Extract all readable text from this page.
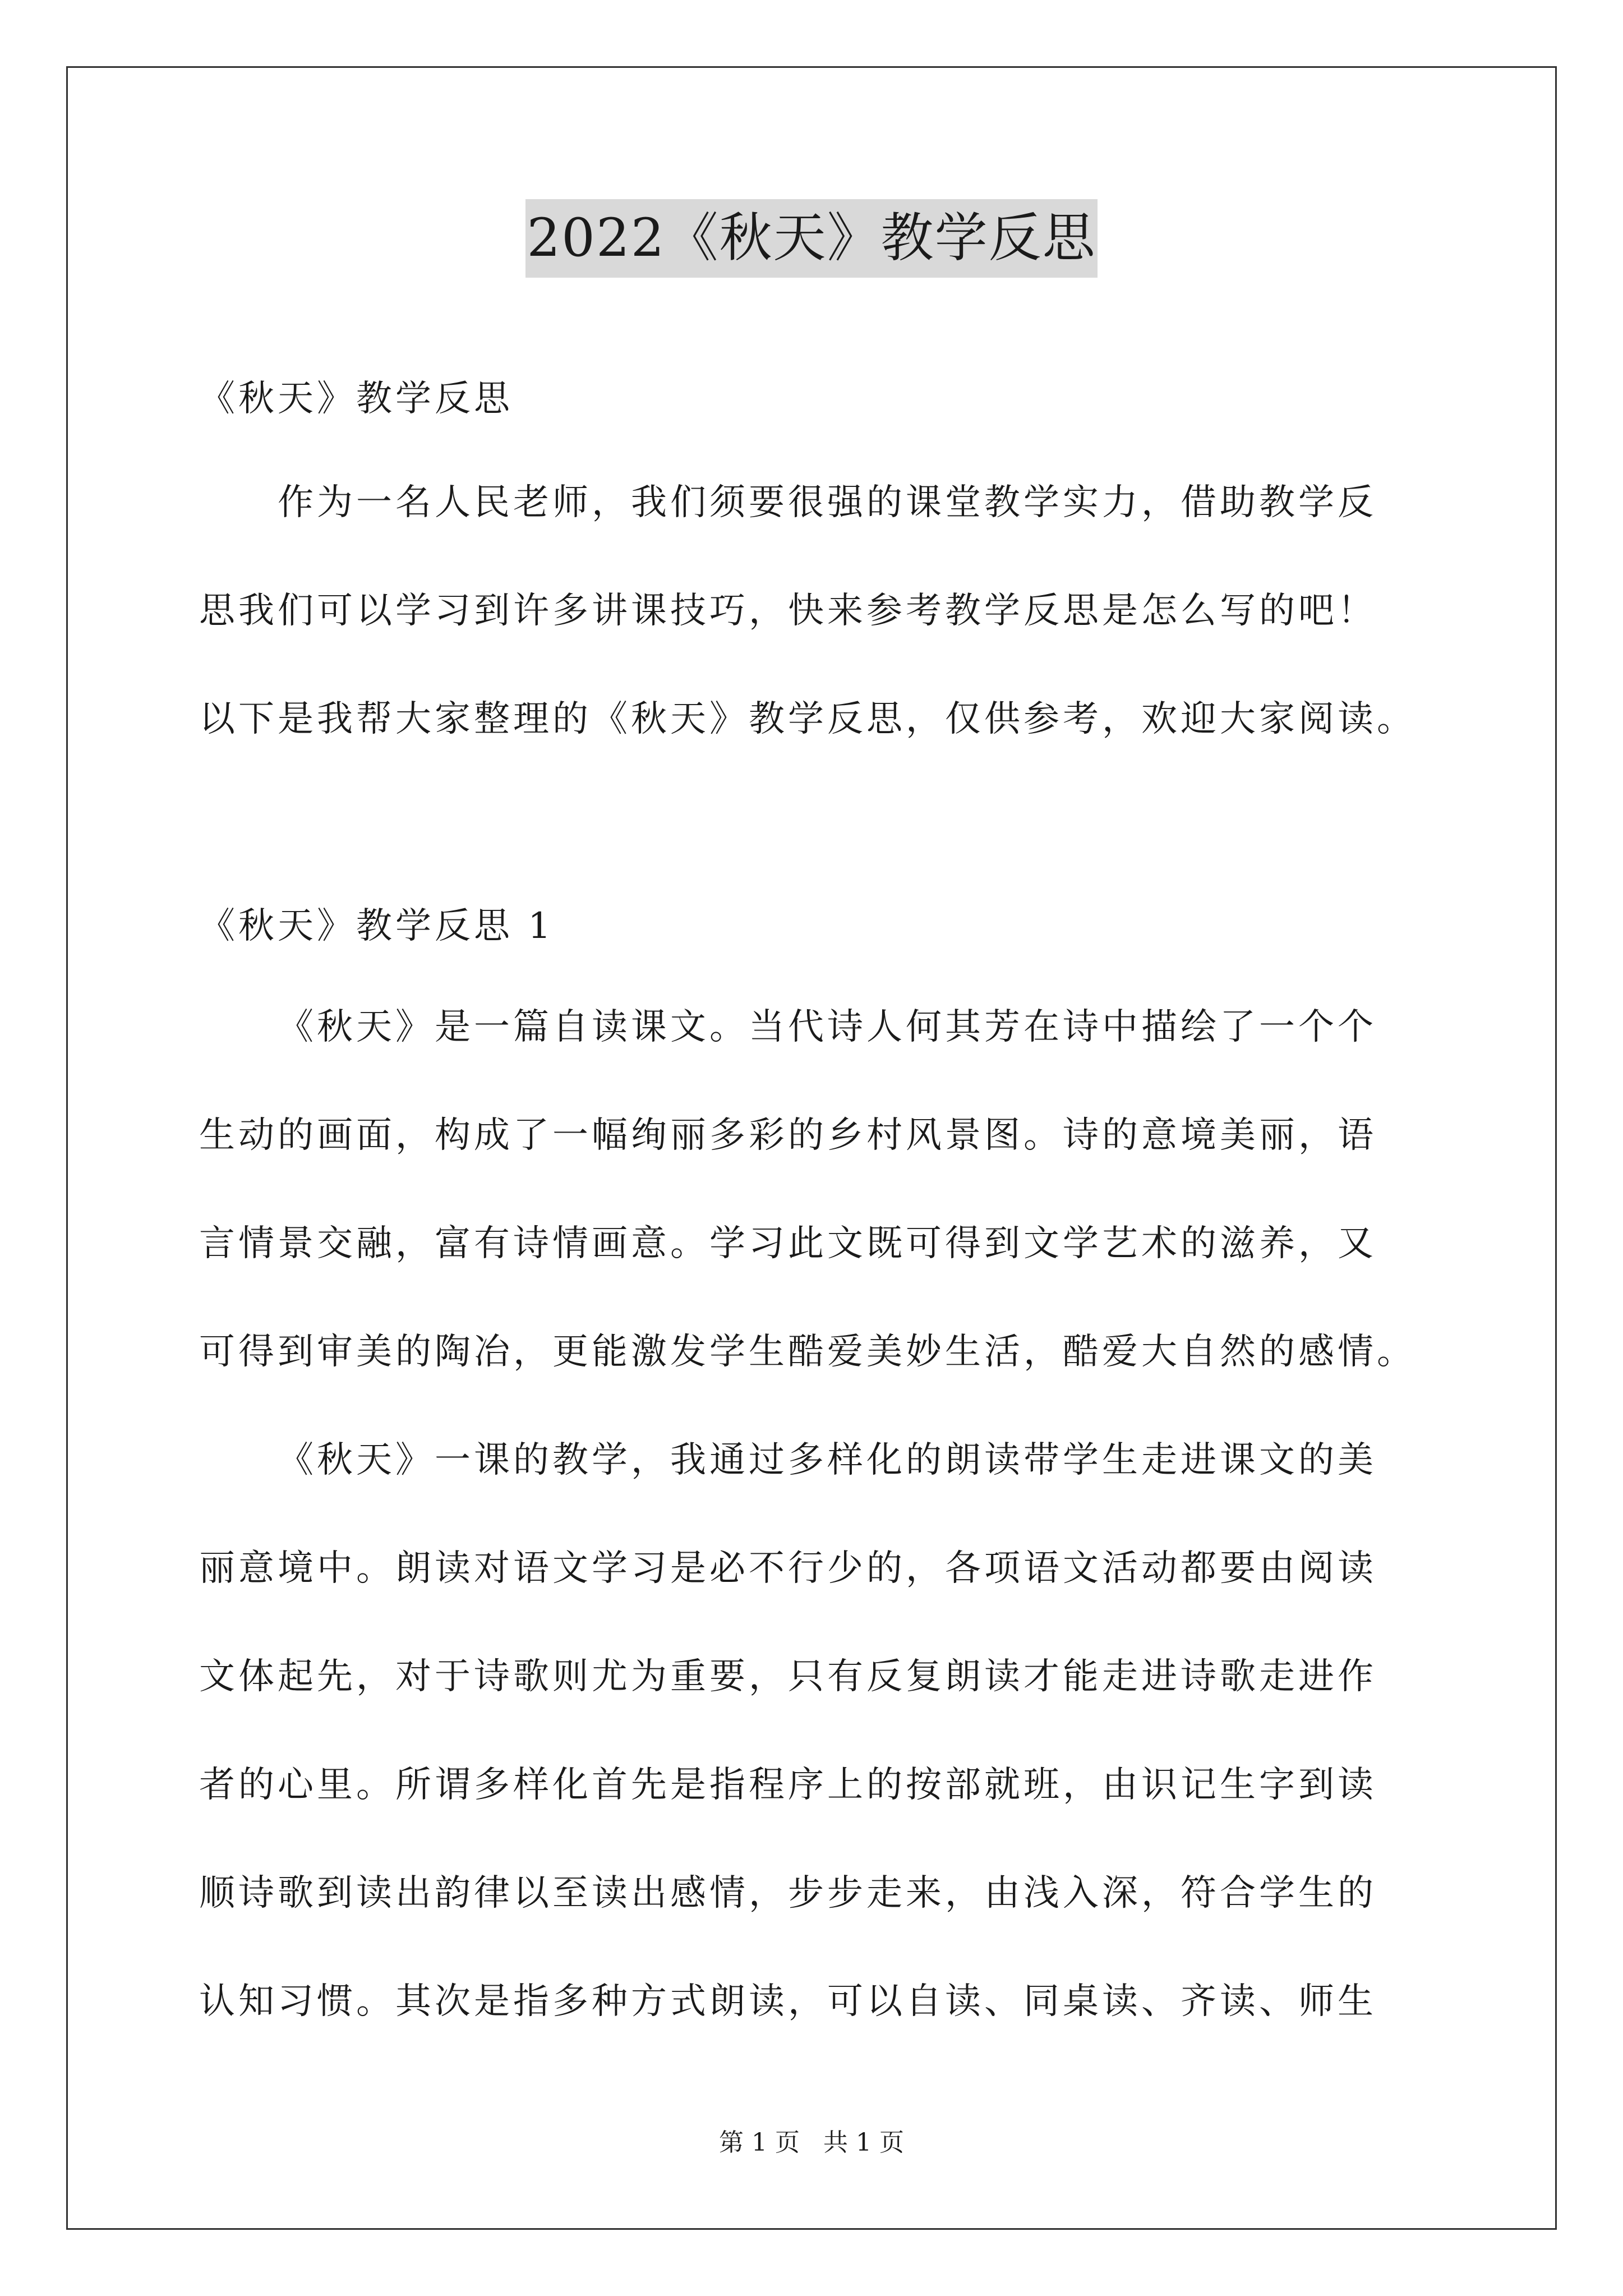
2022《秋天》教学反思
《秋天》教学反思
作为一名人民老师，我们须要很强的课堂教学实力，借助教学反
思我们可以学习到许多讲课技巧，快来参考教学反思是怎么写的吧！
以下是我帮大家整理的《秋天》教学反思，仅供参考，欢迎大家阅读。
《秋天》教学反思 1
《秋天》是一篇自读课文。当代诗人何其芳在诗中描绘了一个个
生动的画面，构成了一幅绚丽多彩的乡村风景图。诗的意境美丽，语
言情景交融，富有诗情画意。学习此文既可得到文学艺术的滋养，又
可得到审美的陶冶，更能激发学生酷爱美妙生活，酷爱大自然的感情。
《秋天》一课的教学，我通过多样化的朗读带学生走进课文的美
丽意境中。朗读对语文学习是必不行少的，各项语文活动都要由阅读
文体起先，对于诗歌则尤为重要，只有反复朗读才能走进诗歌走进作
者的心里。所谓多样化首先是指程序上的按部就班，由识记生字到读
顺诗歌到读出韵律以至读出感情，步步走来，由浅入深，符合学生的
认知习惯。其次是指多种方式朗读，可以自读、同桌读、齐读、师生
第 1 页 共 1 页
